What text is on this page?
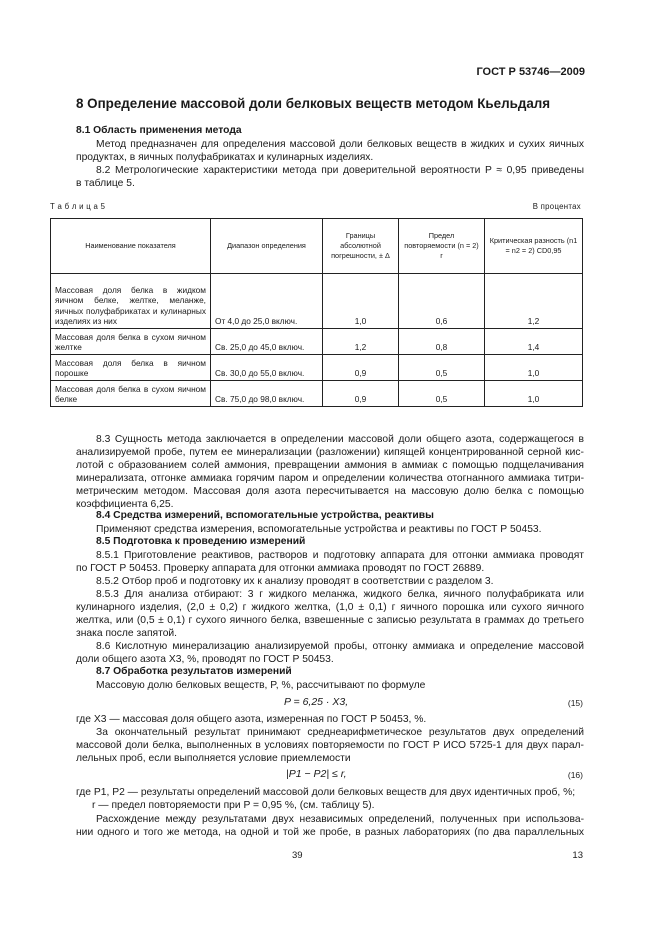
ГОСТ Р 53746—2009
8 Определение массовой доли белковых веществ методом Кьельдаля
8.1 Область применения метода
Метод предназначен для определения массовой доли белковых веществ в жидких и сухих яичных
продуктах, в яичных полуфабрикатах и кулинарных изделиях.
8.2 Метрологические характеристики метода при доверительной вероятности P ≈ 0,95 приведены
в таблице 5.
Т а б л и ц а 5	В процентах
Наименование показателя	Диапазон определения	Границы абсолютной погрешности, ± Δ	Предел повторяемости (n = 2) r	Критическая разность (n1 = n2 = 2) CD0,95
Массовая доля белка в жидком яичном белке, желтке, меланже, яичных полуфабрикатах и кулинарных изделиях из них	От 4,0 до 25,0 включ.	1,0	0,6	1,2
Массовая доля белка в сухом яичном желтке	Св. 25,0 до 45,0 включ.	1,2	0,8	1,4
Массовая доля белка в яичном порошке	Св. 30,0 до 55,0 включ.	0,9	0,5	1,0
Массовая доля белка в сухом яичном белке	Св. 75,0 до 98,0 включ.	0,9	0,5	1,0
8.3 Сущность метода заключается в определении массовой доли общего азота, содержащегося в
анализируемой пробе, путем ее минерализации (разложении) кипящей концентрированной серной кис-
лотой с образованием солей аммония, превращении аммония в аммиак с помощью подщелачивания
минерализата, отгонке аммиака горячим паром и определении количества отогнанного аммиака титри-
метрическим методом. Массовая доля азота пересчитывается на массовую долю белка с помощью
коэффициента 6,25.
8.4 Средства измерений, вспомогательные устройства, реактивы
Применяют средства измерения, вспомогательные устройства и реактивы по ГОСТ Р 50453.
8.5 Подготовка к проведению измерений
8.5.1 Приготовление реактивов, растворов и подготовку аппарата для отгонки аммиака проводят
по ГОСТ Р 50453. Проверку аппарата для отгонки аммиака проводят по ГОСТ 26889.
8.5.2 Отбор проб и подготовку их к анализу проводят в соответствии с разделом 3.
8.5.3 Для анализа отбирают: 3 г жидкого меланжа, жидкого белка, яичного полуфабриката или
кулинарного изделия, (2,0 ± 0,2) г жидкого желтка, (1,0 ± 0,1) г яичного порошка или сухого яичного
желтка, или (0,5 ± 0,1) г сухого яичного белка, взвешенные с записью результата в граммах до третьего
знака после запятой.
8.6 Кислотную минерализацию анализируемой пробы, отгонку аммиака и определение массовой
доли общего азота X3, %, проводят по ГОСТ Р 50453.
8.7 Обработка результатов измерений
Массовую долю белковых веществ, P, %, рассчитывают по формуле
P = 6,25 · X3,	(15)
где X3 — массовая доля общего азота, измеренная по ГОСТ Р 50453, %.
За окончательный результат принимают среднеарифметическое результатов двух определений
массовой доли белка, выполненных в условиях повторяемости по ГОСТ Р ИСО 5725-1 для двух парал-
лельных проб, если выполняется условие приемлемости
|P1 − P2| ≤ r,	(16)
где P1, P2 — результаты определений массовой доли белковых веществ для двух идентичных проб, %;
r — предел повторяемости при P = 0,95 %, (см. таблицу 5).
Расхождение между результатами двух независимых определений, полученных при использова-
нии одного и того же метода, на одной и той же пробе, в разных лабораториях (по два параллельных
39	13
